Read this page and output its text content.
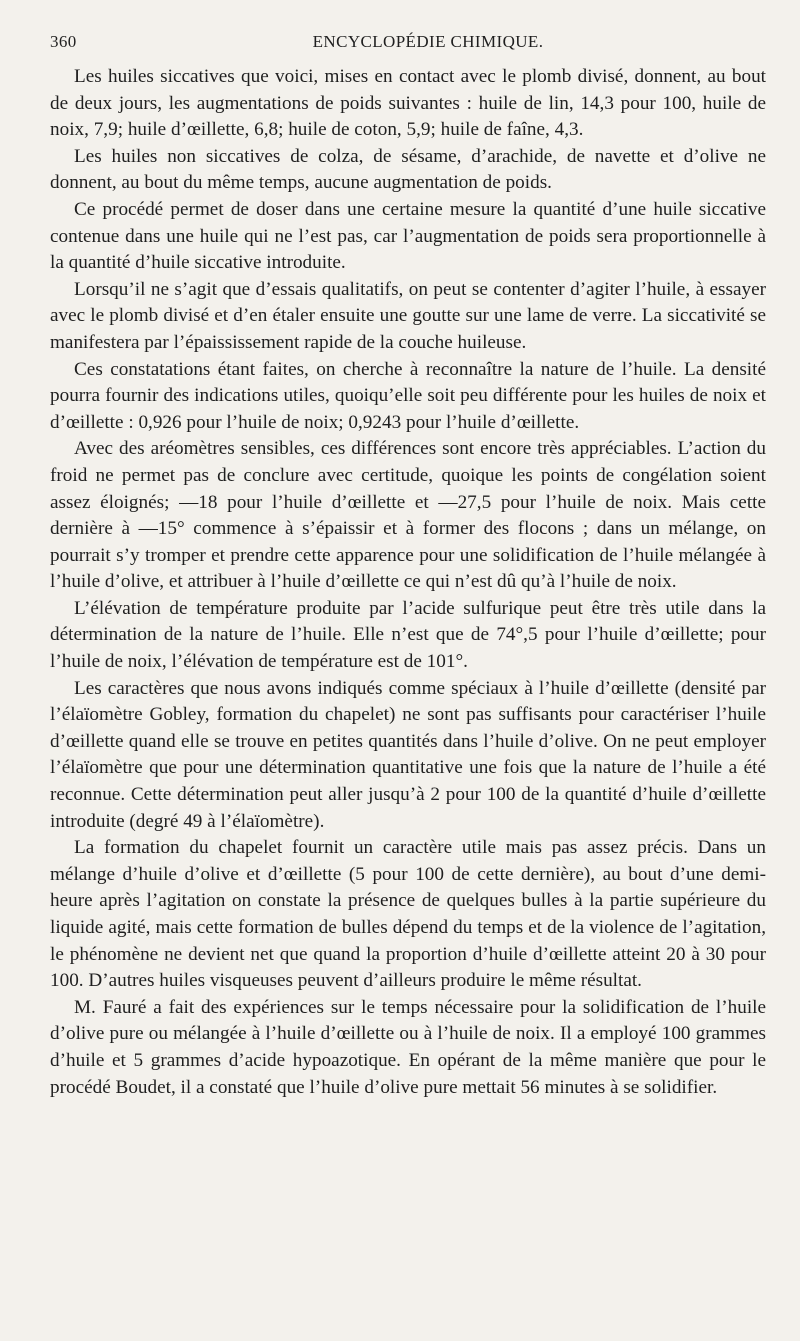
360	ENCYCLOPÉDIE CHIMIQUE.

Les huiles siccatives que voici, mises en contact avec le plomb divisé, donnent, au bout de deux jours, les augmentations de poids suivantes : huile de lin, 14,3 pour 100, huile de noix, 7,9; huile d’œillette, 6,8; huile de coton, 5,9; huile de faîne, 4,3.

Les huiles non siccatives de colza, de sésame, d’arachide, de navette et d’olive ne donnent, au bout du même temps, aucune augmentation de poids.

Ce procédé permet de doser dans une certaine mesure la quantité d’une huile siccative contenue dans une huile qui ne l’est pas, car l’augmentation de poids sera proportionnelle à la quantité d’huile siccative introduite.

Lorsqu’il ne s’agit que d’essais qualitatifs, on peut se contenter d’agiter l’huile, à essayer avec le plomb divisé et d’en étaler ensuite une goutte sur une lame de verre. La siccativité se manifestera par l’épaississement rapide de la couche huileuse.

Ces constatations étant faites, on cherche à reconnaître la nature de l’huile. La densité pourra fournir des indications utiles, quoiqu’elle soit peu différente pour les huiles de noix et d’œillette : 0,926 pour l’huile de noix; 0,9243 pour l’huile d’œillette.

Avec des aréomètres sensibles, ces différences sont encore très appréciables. L’action du froid ne permet pas de conclure avec certitude, quoique les points de congélation soient assez éloignés; —18 pour l’huile d’œillette et —27,5 pour l’huile de noix. Mais cette dernière à —15° commence à s’épaissir et à former des flocons ; dans un mélange, on pourrait s’y tromper et prendre cette apparence pour une solidification de l’huile mélangée à l’huile d’olive, et attribuer à l’huile d’œillette ce qui n’est dû qu’à l’huile de noix.

L’élévation de température produite par l’acide sulfurique peut être très utile dans la détermination de la nature de l’huile. Elle n’est que de 74°,5 pour l’huile d’œillette; pour l’huile de noix, l’élévation de température est de 101°.

Les caractères que nous avons indiqués comme spéciaux à l’huile d’œillette (densité par l’élaïomètre Gobley, formation du chapelet) ne sont pas suffisants pour caractériser l’huile d’œillette quand elle se trouve en petites quantités dans l’huile d’olive. On ne peut employer l’élaïomètre que pour une détermination quantitative une fois que la nature de l’huile a été reconnue. Cette détermination peut aller jusqu’à 2 pour 100 de la quantité d’huile d’œillette introduite (degré 49 à l’élaïomètre).

La formation du chapelet fournit un caractère utile mais pas assez précis. Dans un mélange d’huile d’olive et d’œillette (5 pour 100 de cette dernière), au bout d’une demi-heure après l’agitation on constate la présence de quelques bulles à la partie supérieure du liquide agité, mais cette formation de bulles dépend du temps et de la violence de l’agitation, le phénomène ne devient net que quand la proportion d’huile d’œillette atteint 20 à 30 pour 100. D’autres huiles visqueuses peuvent d’ailleurs produire le même résultat.

M. Fauré a fait des expériences sur le temps nécessaire pour la solidification de l’huile d’olive pure ou mélangée à l’huile d’œillette ou à l’huile de noix. Il a employé 100 grammes d’huile et 5 grammes d’acide hypoazotique. En opérant de la même manière que pour le procédé Boudet, il a constaté que l’huile d’olive pure mettait 56 minutes à se solidifier.
